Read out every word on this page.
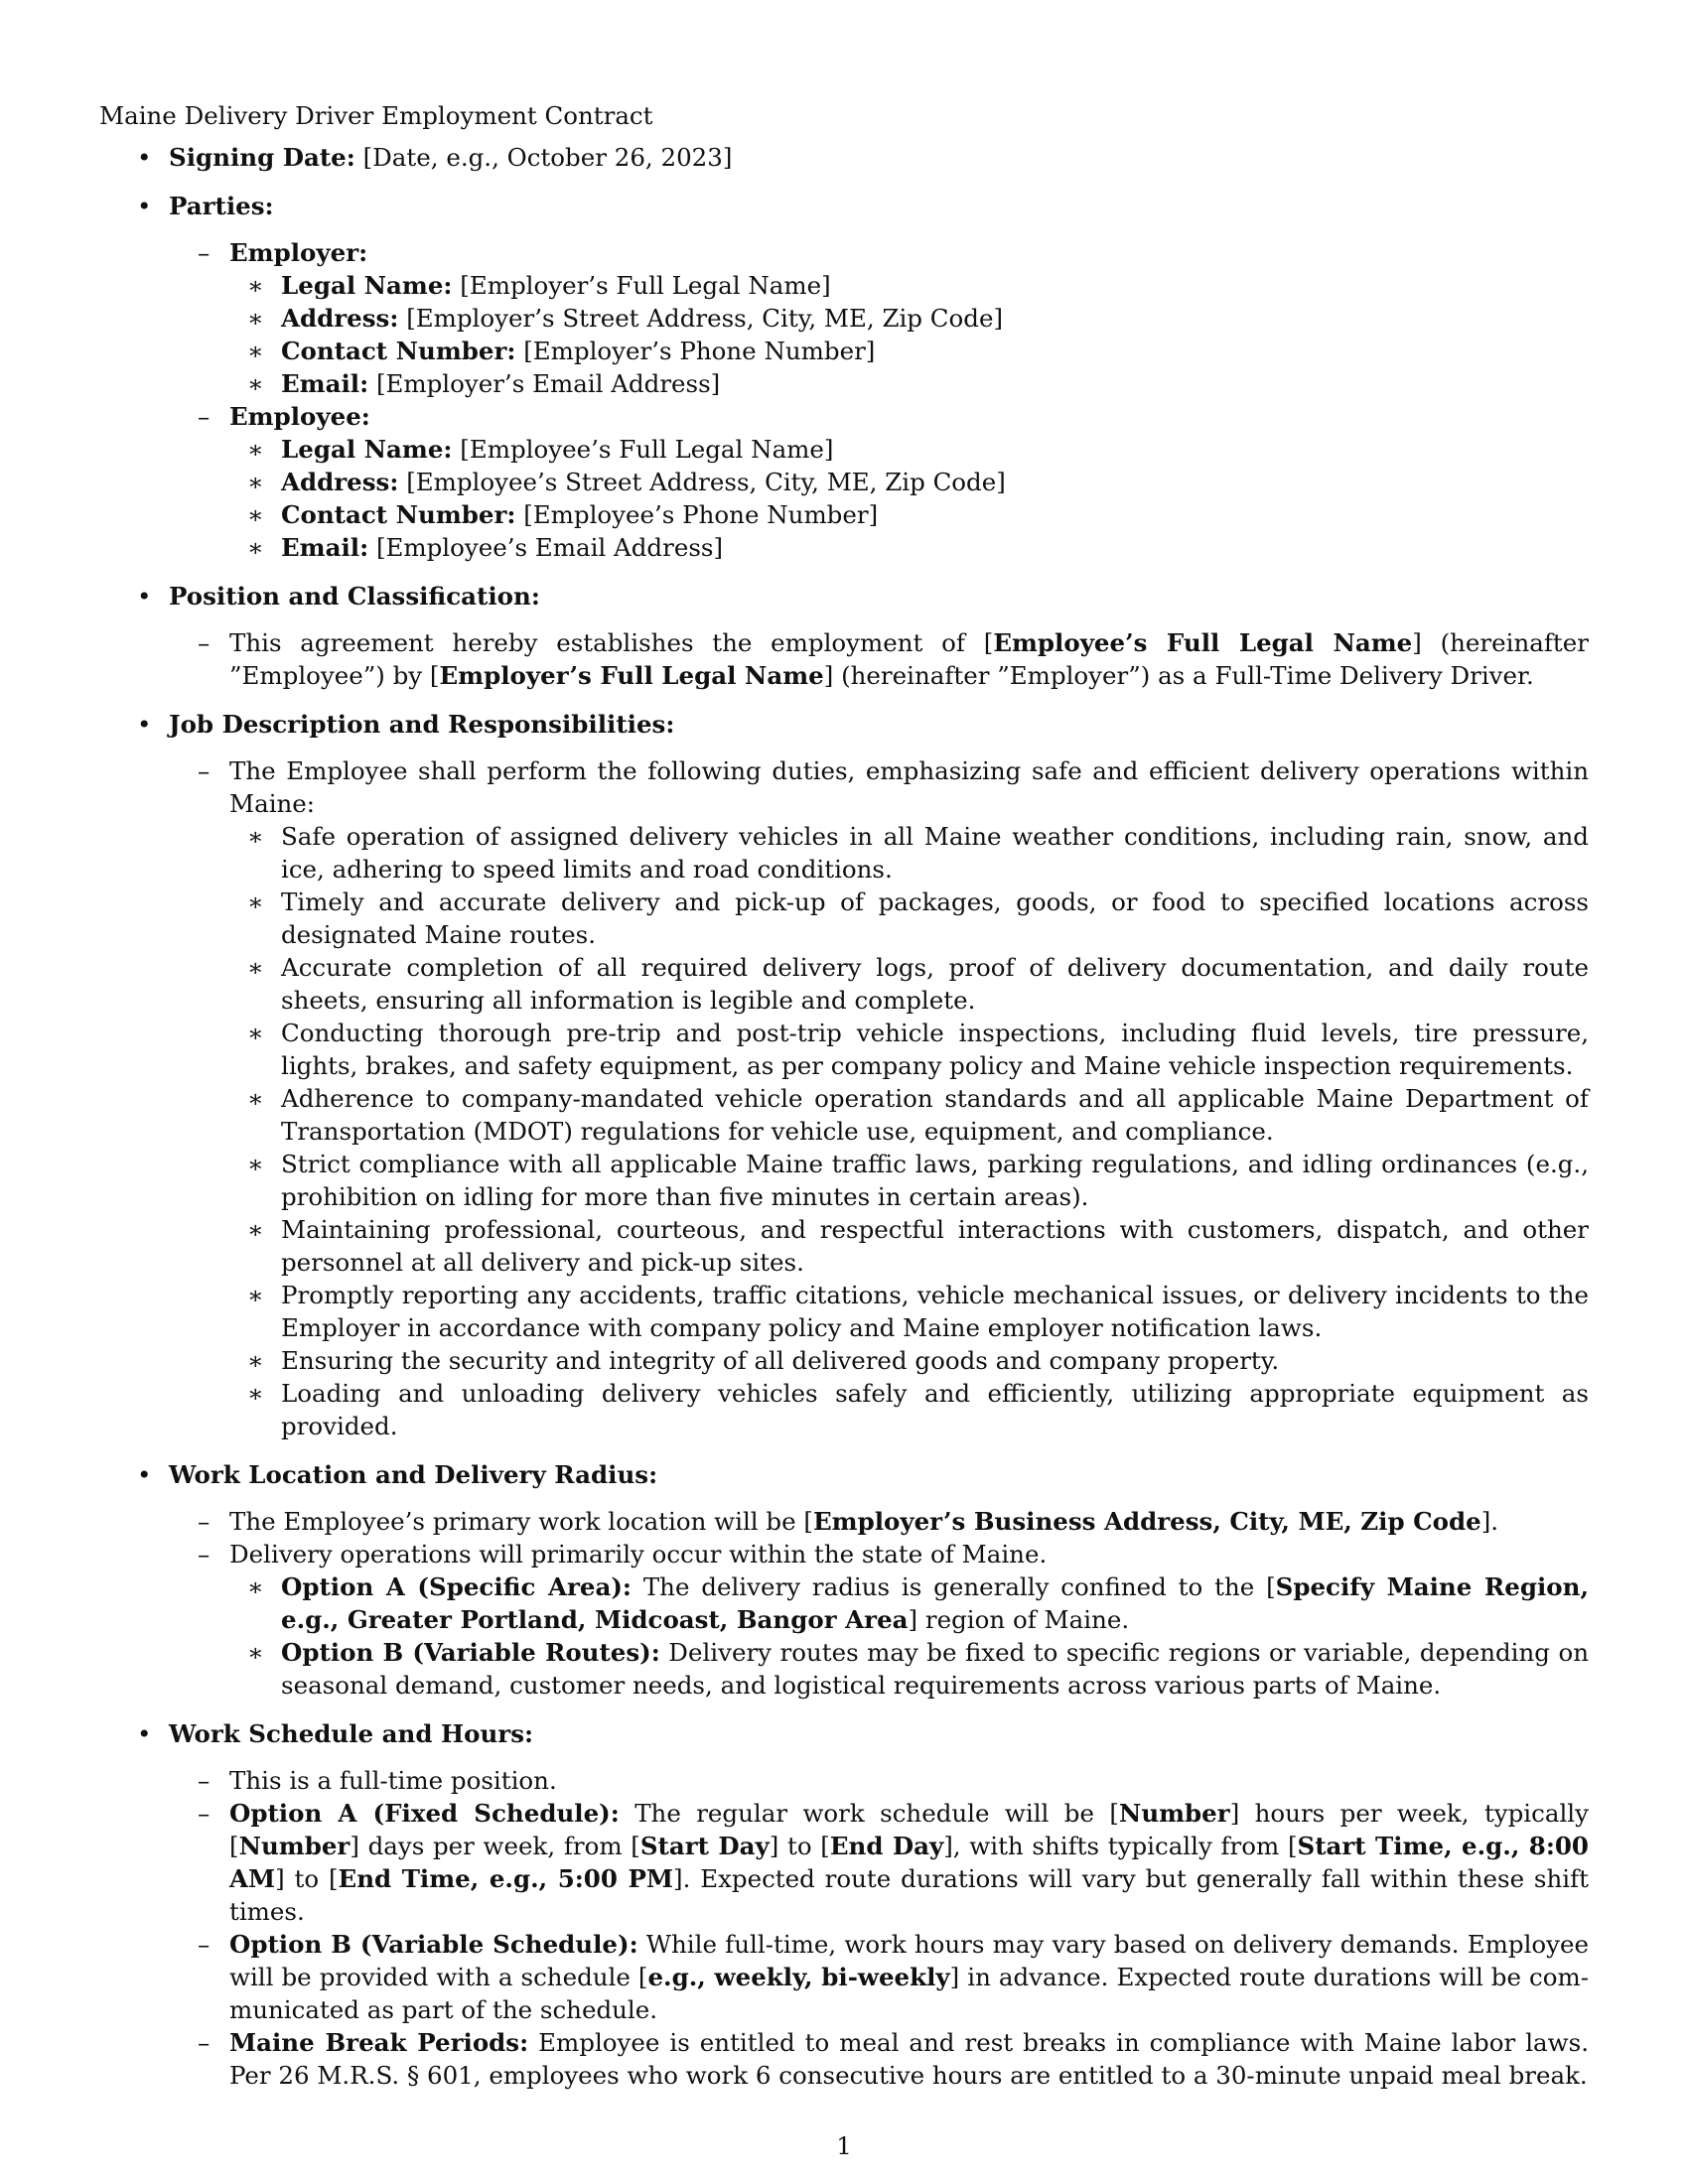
Maine Delivery Driver Employment Contract
• Signing Date: [Date, e.g., October 26, 2023]
• Parties:
– Employer:
∗ Legal Name: [Employer’s Full Legal Name]
∗ Address: [Employer’s Street Address, City, ME, Zip Code]
∗ Contact Number: [Employer’s Phone Number]
∗ Email: [Employer’s Email Address]
– Employee:
∗ Legal Name: [Employee’s Full Legal Name]
∗ Address: [Employee’s Street Address, City, ME, Zip Code]
∗ Contact Number: [Employee’s Phone Number]
∗ Email: [Employee’s Email Address]
• Position and Classification:
– This agreement hereby establishes the employment of [Employee’s Full Legal Name] (hereinafter ”Employee”) by [Employer’s Full Legal Name] (hereinafter ”Employer”) as a Full-Time Delivery Driver.
• Job Description and Responsibilities:
– The Employee shall perform the following duties, emphasizing safe and efficient delivery operations within Maine:
∗ Safe operation of assigned delivery vehicles in all Maine weather conditions, including rain, snow, and ice, adhering to speed limits and road conditions.
∗ Timely and accurate delivery and pick-up of packages, goods, or food to specified locations across designated Maine routes.
∗ Accurate completion of all required delivery logs, proof of delivery documentation, and daily route sheets, ensuring all information is legible and complete.
∗ Conducting thorough pre-trip and post-trip vehicle inspections, including fluid levels, tire pressure, lights, brakes, and safety equipment, as per company policy and Maine vehicle inspection requirements.
∗ Adherence to company-mandated vehicle operation standards and all applicable Maine Department of Transportation (MDOT) regulations for vehicle use, equipment, and compliance.
∗ Strict compliance with all applicable Maine traffic laws, parking regulations, and idling ordinances (e.g., prohibition on idling for more than five minutes in certain areas).
∗ Maintaining professional, courteous, and respectful interactions with customers, dispatch, and other personnel at all delivery and pick-up sites.
∗ Promptly reporting any accidents, traffic citations, vehicle mechanical issues, or delivery incidents to the Employer in accordance with company policy and Maine employer notification laws.
∗ Ensuring the security and integrity of all delivered goods and company property.
∗ Loading and unloading delivery vehicles safely and efficiently, utilizing appropriate equipment as provided.
• Work Location and Delivery Radius:
– The Employee’s primary work location will be [Employer’s Business Address, City, ME, Zip Code].
– Delivery operations will primarily occur within the state of Maine.
∗ Option A (Specific Area): The delivery radius is generally confined to the [Specify Maine Region, e.g., Greater Portland, Midcoast, Bangor Area] region of Maine.
∗ Option B (Variable Routes): Delivery routes may be fixed to specific regions or variable, depending on seasonal demand, customer needs, and logistical requirements across various parts of Maine.
• Work Schedule and Hours:
– This is a full-time position.
– Option A (Fixed Schedule): The regular work schedule will be [Number] hours per week, typically [Number] days per week, from [Start Day] to [End Day], with shifts typically from [Start Time, e.g., 8:00 AM] to [End Time, e.g., 5:00 PM]. Expected route durations will vary but generally fall within these shift times.
– Option B (Variable Schedule): While full-time, work hours may vary based on delivery demands. Employee will be provided with a schedule [e.g., weekly, bi-weekly] in advance. Expected route durations will be communicated as part of the schedule.
– Maine Break Periods: Employee is entitled to meal and rest breaks in compliance with Maine labor laws. Per 26 M.R.S. § 601, employees who work 6 consecutive hours are entitled to a 30-minute unpaid meal break.
1
